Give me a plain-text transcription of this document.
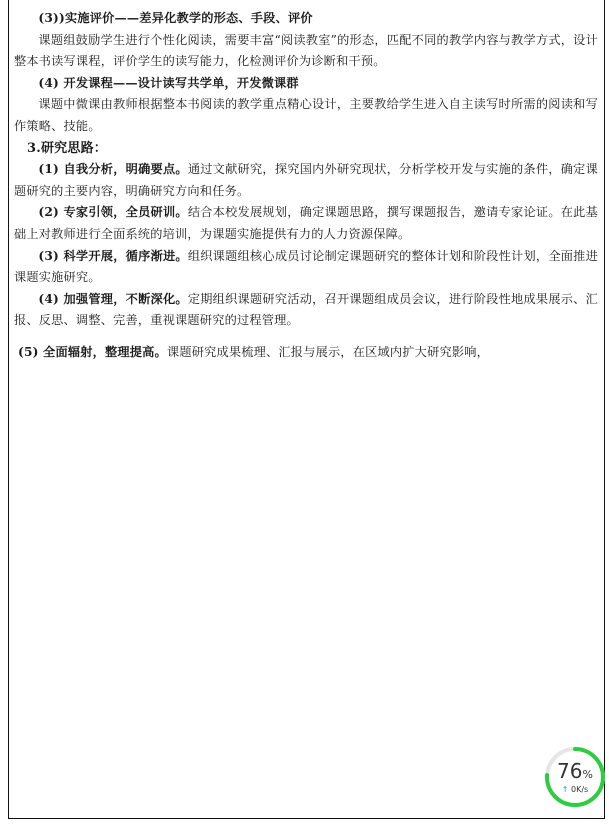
(3))实施评价——差异化教学的形态、手段、评价

课题组鼓励学生进行个性化阅读，需要丰富“阅读教室”的形态，匹配不同的教学内容与教学方式，设计整本书读写课程，评价学生的读写能力，化检测评价为诊断和干预。

(4) 开发课程——设计读写共学单，开发微课群

课题中微课由教师根据整本书阅读的教学重点精心设计，主要教给学生进入自主读写时所需的阅读和写作策略、技能。

3.研究思路：

(1) 自我分析，明确要点。通过文献研究，探究国内外研究现状，分析学校开发与实施的条件，确定课题研究的主要内容，明确研究方向和任务。

(2) 专家引领，全员研训。结合本校发展规划，确定课题思路，撰写课题报告，邀请专家论证。在此基础上对教师进行全面系统的培训，为课题实施提供有力的人力资源保障。

(3) 科学开展，循序渐进。组织课题组核心成员讨论制定课题研究的整体计划和阶段性计划，全面推进课题实施研究。

(4) 加强管理，不断深化。定期组织课题研究活动，召开课题组成员会议，进行阶段性地成果展示、汇报、反思、调整、完善，重视课题研究的过程管理。

(5) 全面辐射，整理提高。课题研究成果梳理、汇报与展示，在区域内扩大研究影响，

76%
↑ 0K/s
